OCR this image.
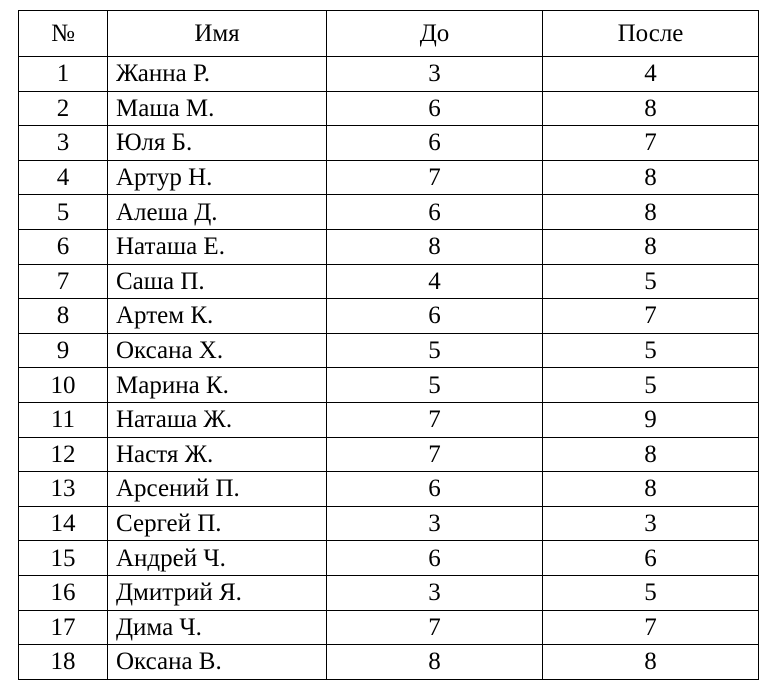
№	Имя	До	После
1	Жанна Р.	3	4
2	Маша М.	6	8
3	Юля Б.	6	7
4	Артур Н.	7	8
5	Алеша Д.	6	8
6	Наташа Е.	8	8
7	Саша П.	4	5
8	Артем К.	6	7
9	Оксана Х.	5	5
10	Марина К.	5	5
11	Наташа Ж.	7	9
12	Настя Ж.	7	8
13	Арсений П.	6	8
14	Сергей П.	3	3
15	Андрей Ч.	6	6
16	Дмитрий Я.	3	5
17	Дима Ч.	7	7
18	Оксана В.	8	8
